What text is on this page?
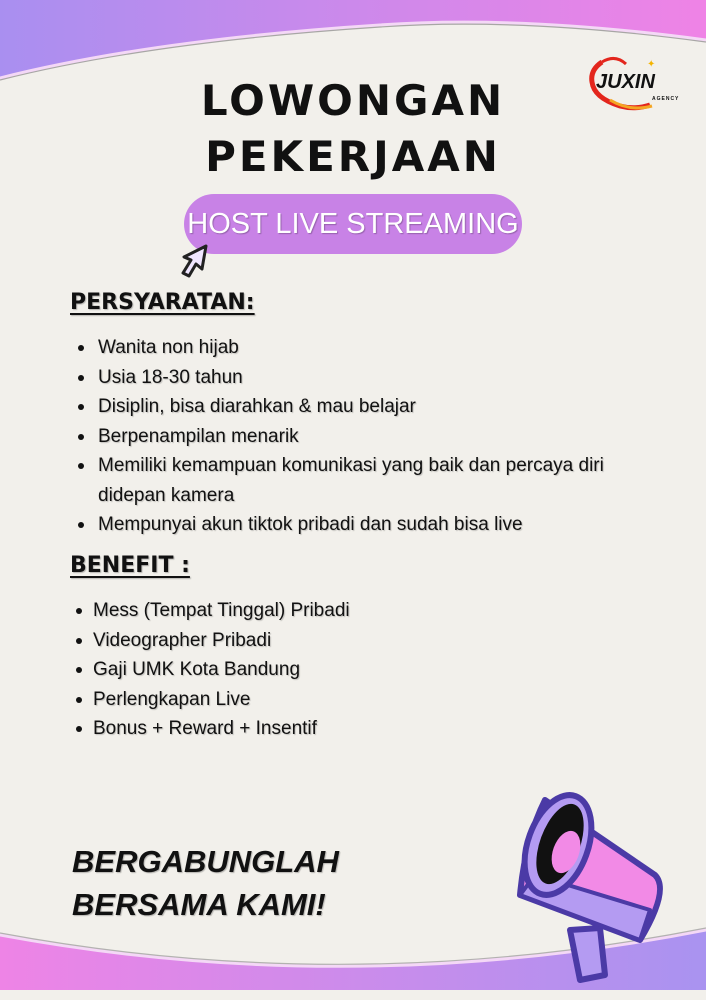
✦
JUXIN
AGENCY
LOWONGAN
PEKERJAAN
HOST LIVE STREAMING
PERSYARATAN:
Wanita non hijab
Usia 18-30 tahun
Disiplin, bisa diarahkan & mau belajar
Berpenampilan menarik
Memiliki kemampuan komunikasi yang baik dan percaya diri didepan kamera
Mempunyai akun tiktok pribadi dan sudah bisa live
BENEFIT :
Mess (Tempat Tinggal) Pribadi
Videographer Pribadi
Gaji UMK Kota Bandung
Perlengkapan Live
Bonus + Reward + Insentif
BERGABUNGLAH
BERSAMA KAMI!
